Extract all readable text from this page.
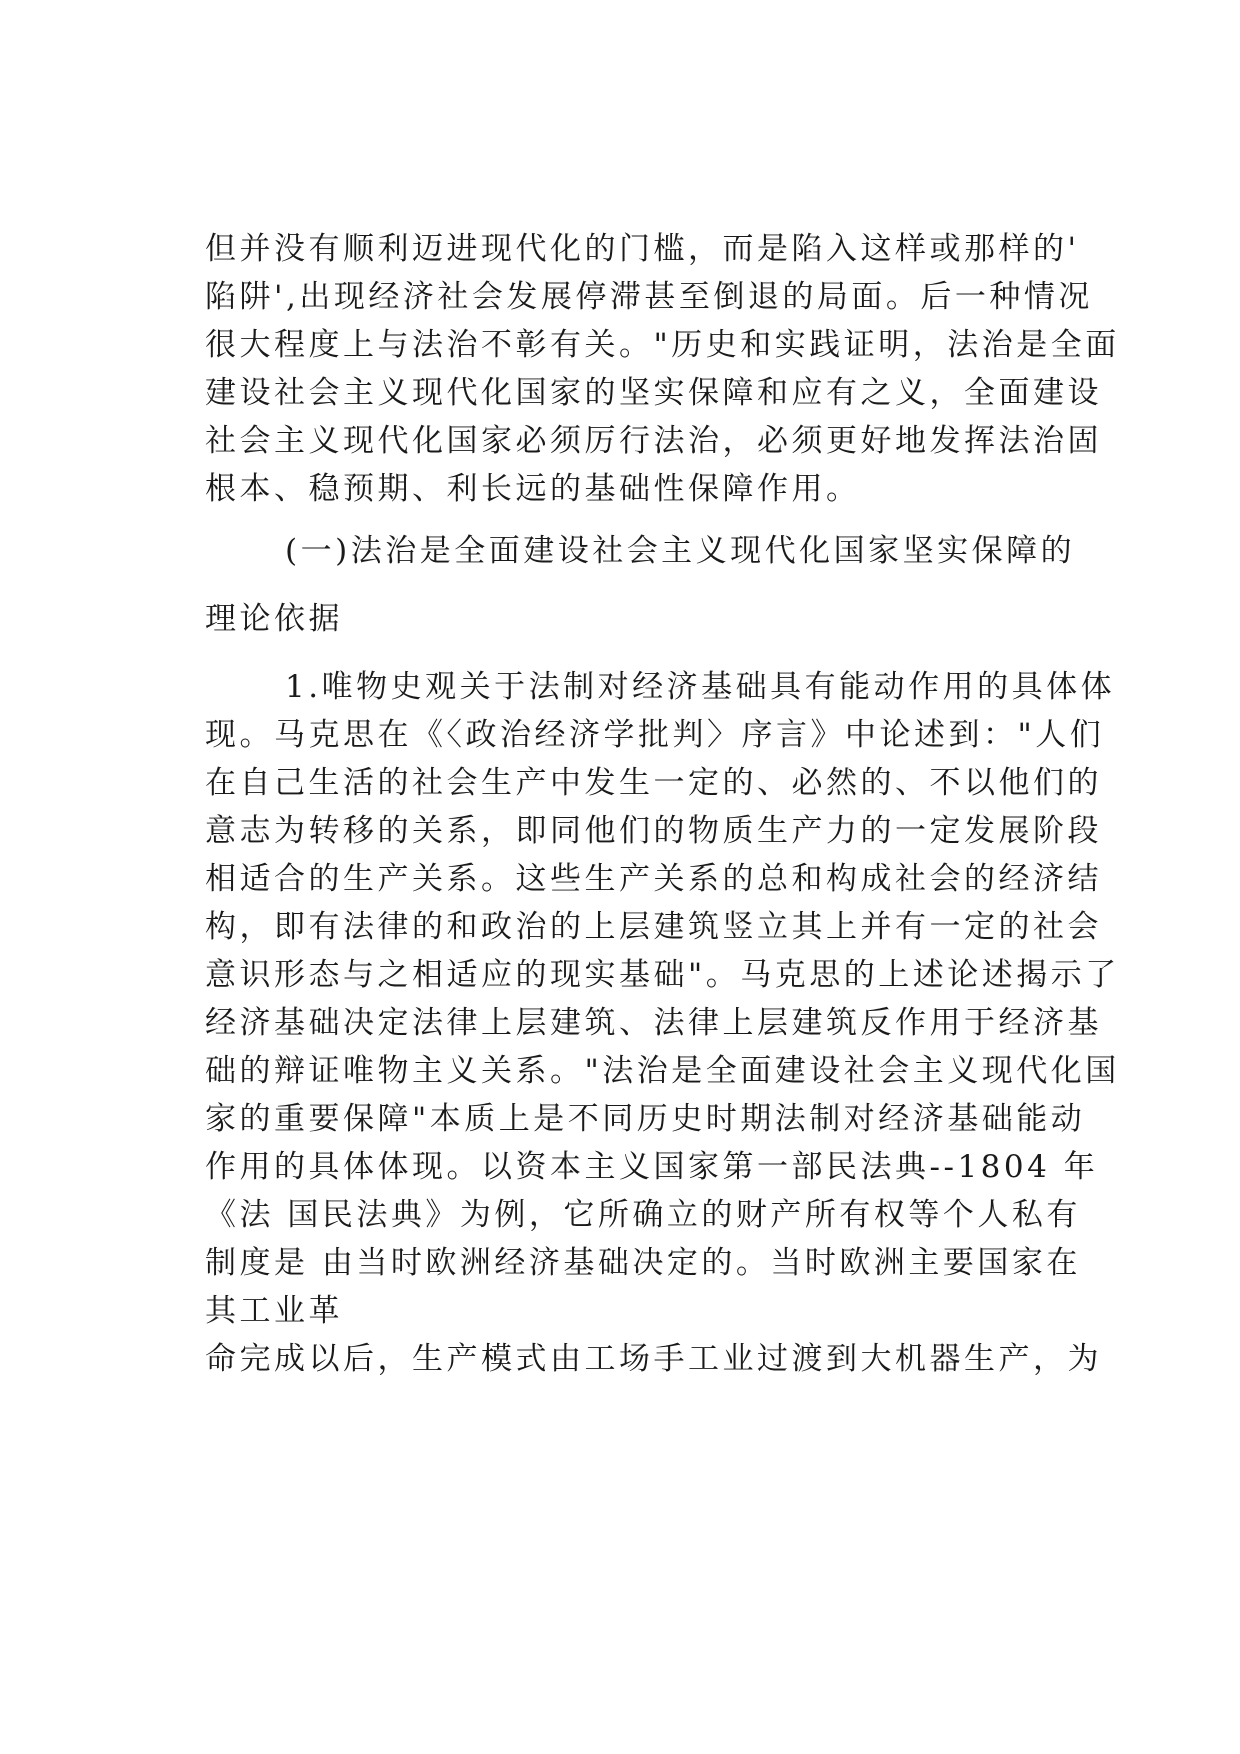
但并没有顺利迈进现代化的门槛，而是陷入这样或那样的'
陷阱',出现经济社会发展停滞甚至倒退的局面。后一种情况
很大程度上与法治不彰有关。"历史和实践证明，法治是全面
建设社会主义现代化国家的坚实保障和应有之义，全面建设
社会主义现代化国家必须厉行法治，必须更好地发挥法治固
根本、稳预期、利长远的基础性保障作用。
(一)法治是全面建设社会主义现代化国家坚实保障的
理论依据
1.唯物史观关于法制对经济基础具有能动作用的具体体
现。马克思在《〈政治经济学批判〉序言》中论述到："人们
在自己生活的社会生产中发生一定的、必然的、不以他们的
意志为转移的关系，即同他们的物质生产力的一定发展阶段
相适合的生产关系。这些生产关系的总和构成社会的经济结
构，即有法律的和政治的上层建筑竖立其上并有一定的社会
意识形态与之相适应的现实基础"。马克思的上述论述揭示了
经济基础决定法律上层建筑、法律上层建筑反作用于经济基
础的辩证唯物主义关系。"法治是全面建设社会主义现代化国
家的重要保障"本质上是不同历史时期法制对经济基础能动
作用的具体体现。以资本主义国家第一部民法典--1804 年
《法 国民法典》为例，它所确立的财产所有权等个人私有
制度是 由当时欧洲经济基础决定的。当时欧洲主要国家在
其工业革
命完成以后，生产模式由工场手工业过渡到大机器生产，为
